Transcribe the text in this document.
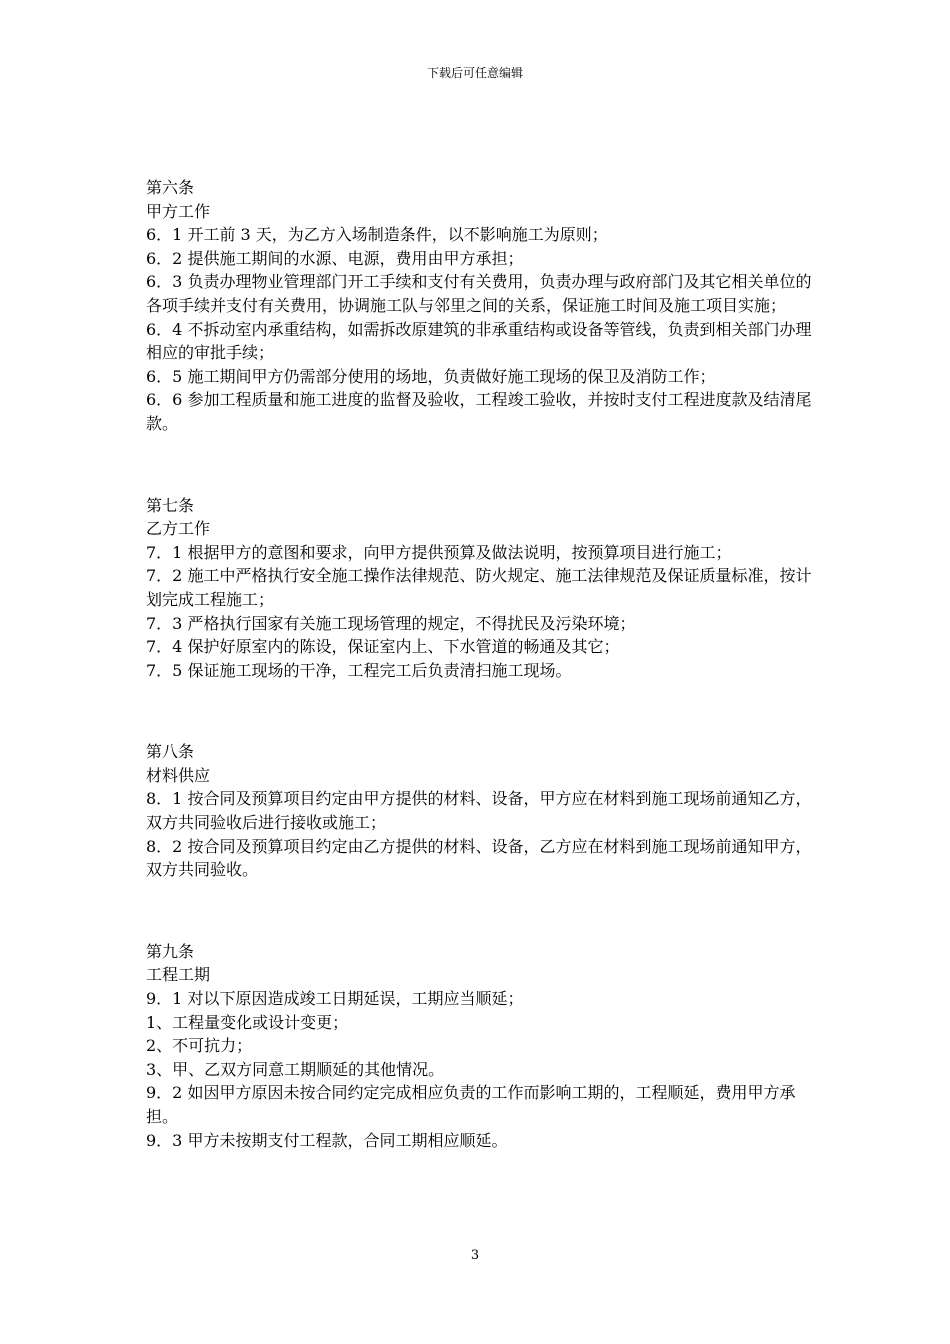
下载后可任意编辑

第六条

甲方工作

6．1 开工前 3 天，为乙方入场制造条件，以不影响施工为原则；

6．2 提供施工期间的水源、电源，费用由甲方承担；

6．3 负责办理物业管理部门开工手续和支付有关费用，负责办理与政府部门及其它相关单位的各项手续并支付有关费用，协调施工队与邻里之间的关系，保证施工时间及施工项目实施；

6．4 不拆动室内承重结构，如需拆改原建筑的非承重结构或设备等管线，负责到相关部门办理相应的审批手续；

6．5 施工期间甲方仍需部分使用的场地，负责做好施工现场的保卫及消防工作；

6．6 参加工程质量和施工进度的监督及验收，工程竣工验收，并按时支付工程进度款及结清尾款。

第七条

乙方工作

7．1 根据甲方的意图和要求，向甲方提供预算及做法说明，按预算项目进行施工；

7．2 施工中严格执行安全施工操作法律规范、防火规定、施工法律规范及保证质量标准，按计划完成工程施工；

7．3 严格执行国家有关施工现场管理的规定，不得扰民及污染环境；

7．4 保护好原室内的陈设，保证室内上、下水管道的畅通及其它；

7．5 保证施工现场的干净，工程完工后负责清扫施工现场。

第八条

材料供应

8．1 按合同及预算项目约定由甲方提供的材料、设备，甲方应在材料到施工现场前通知乙方，双方共同验收后进行接收或施工；

8．2 按合同及预算项目约定由乙方提供的材料、设备，乙方应在材料到施工现场前通知甲方，双方共同验收。

第九条

工程工期

9．1 对以下原因造成竣工日期延误，工期应当顺延；

1、工程量变化或设计变更；

2、不可抗力；

3、甲、乙双方同意工期顺延的其他情况。

9．2 如因甲方原因未按合同约定完成相应负责的工作而影响工期的，工程顺延，费用甲方承担。

9．3 甲方未按期支付工程款，合同工期相应顺延。

3
